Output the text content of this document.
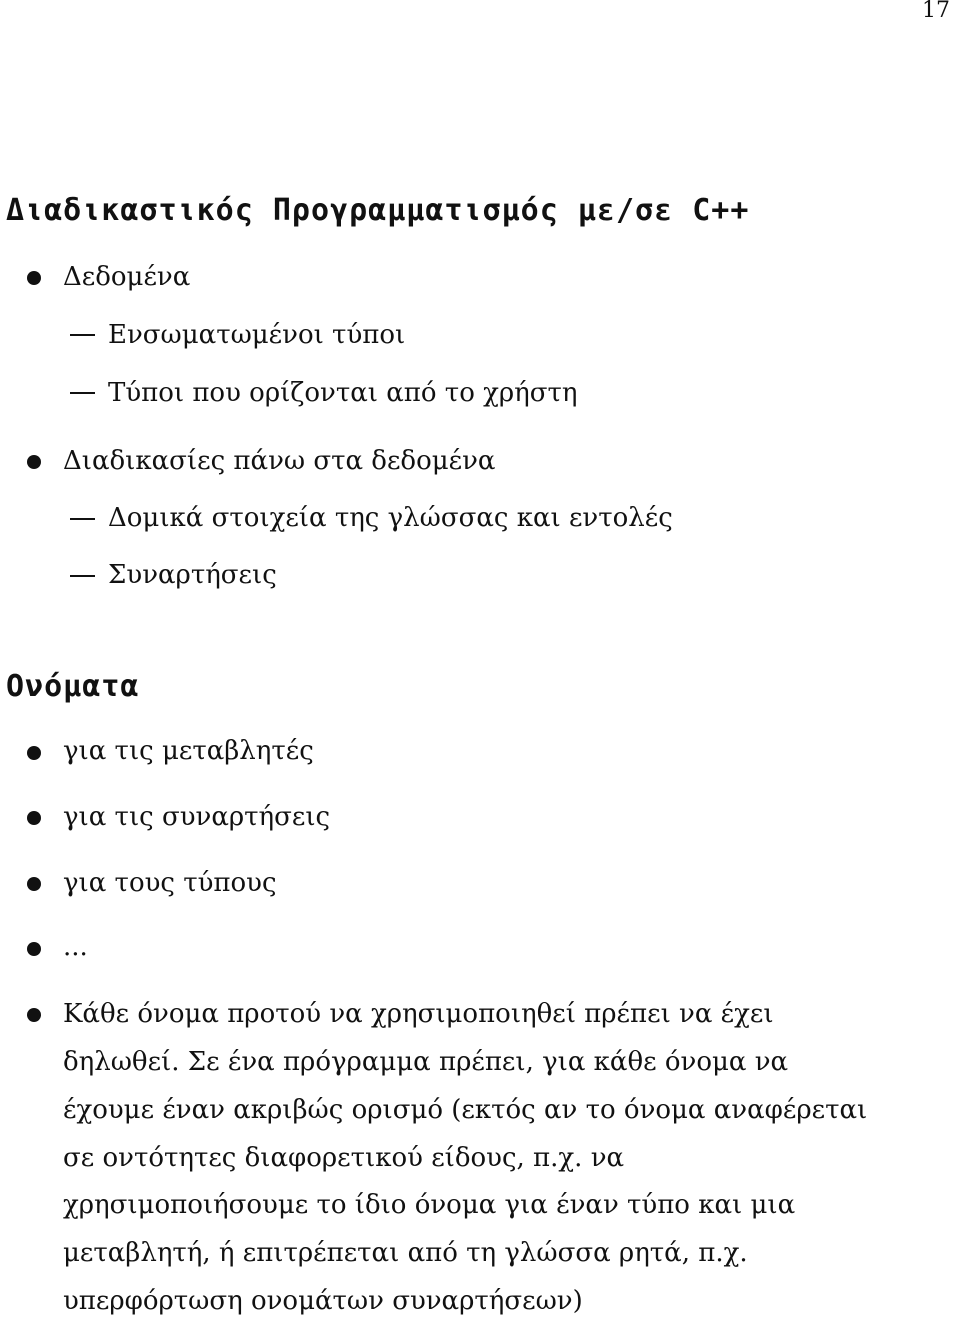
17
Διαδικαστικός Προγραμματισμός με/σε C++
Δεδομένα
Ενσωματωμένοι τύποι
Τύποι που ορίζονται από το χρήστη
Διαδικασίες πάνω στα δεδομένα
Δομικά στοιχεία της γλώσσας και εντολές
Συναρτήσεις
Ονόματα
για τις μεταβλητές
για τις συναρτήσεις
για τους τύπους
...
Κάθε όνομα προτού να χρησιμοποιηθεί πρέπει να έχει
δηλωθεί. Σε ένα πρόγραμμα πρέπει, για κάθε όνομα να
έχουμε έναν ακριβώς ορισμό (εκτός αν το όνομα αναφέρεται
σε οντότητες διαφορετικού είδους, π.χ. να
χρησιμοποιήσουμε το ίδιο όνομα για έναν τύπο και μια
μεταβλητή, ή επιτρέπεται από τη γλώσσα ρητά, π.χ.
υπερφόρτωση ονομάτων συναρτήσεων)
